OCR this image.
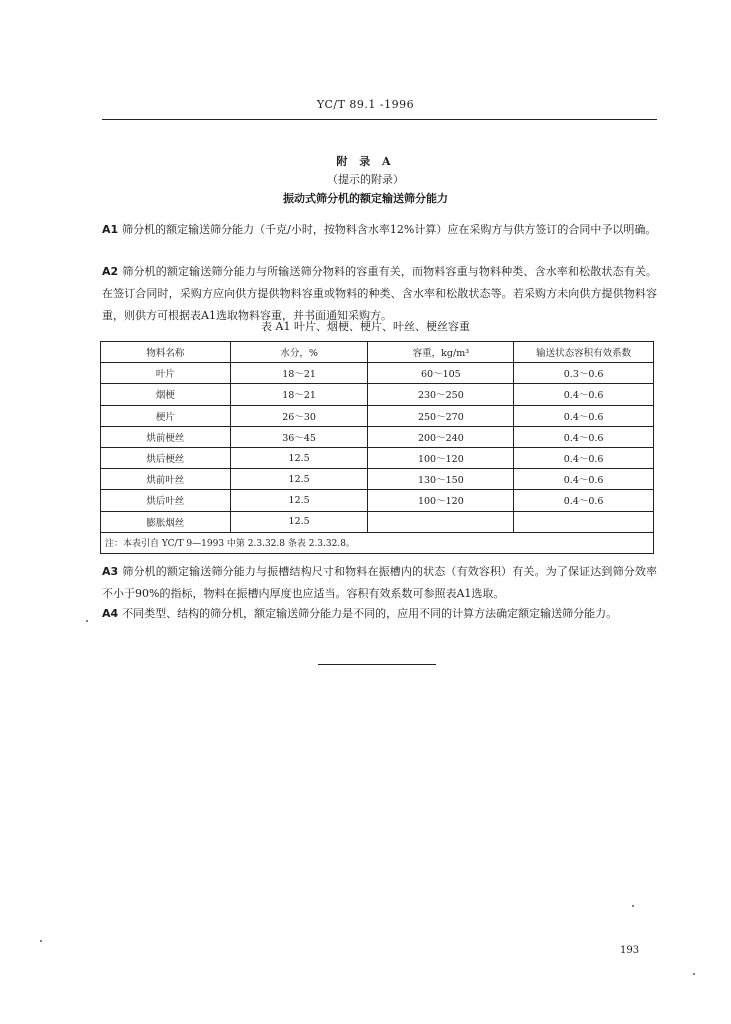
YC/T 89.1 -1996
附 录 A
（提示的附录）
振动式筛分机的额定输送筛分能力
A1 筛分机的额定输送筛分能力（千克/小时，按物料含水率12%计算）应在采购方与供方签订的合同中予以明确。
A2 筛分机的额定输送筛分能力与所输送筛分物料的容重有关，而物料容重与物料种类、含水率和松散状态有关。在签订合同时，采购方应向供方提供物料容重或物料的种类、含水率和松散状态等。若采购方未向供方提供物料容重，则供方可根据表A1选取物料容重，并书面通知采购方。
表 A1 叶片、烟梗、梗片、叶丝、梗丝容重
物料名称	水分，%	容重，kg/m³	输送状态容积有效系数
叶片	18～21	60～105	0.3～0.6
烟梗	18～21	230～250	0.4～0.6
梗片	26～30	250～270	0.4～0.6
烘前梗丝	36～45	200～240	0.4～0.6
烘后梗丝	12.5	100～120	0.4～0.6
烘前叶丝	12.5	130～150	0.4～0.6
烘后叶丝	12.5	100～120	0.4～0.6
膨胀烟丝	12.5		
注：本表引自 YC/T 9—1993 中第 2.3.32.8 条表 2.3.32.8。			
A3 筛分机的额定输送筛分能力与振槽结构尺寸和物料在振槽内的状态（有效容积）有关。为了保证达到筛分效率不小于90%的指标，物料在振槽内厚度也应适当。容积有效系数可参照表A1选取。
A4 不同类型、结构的筛分机，额定输送筛分能力是不同的，应用不同的计算方法确定额定输送筛分能力。
193
